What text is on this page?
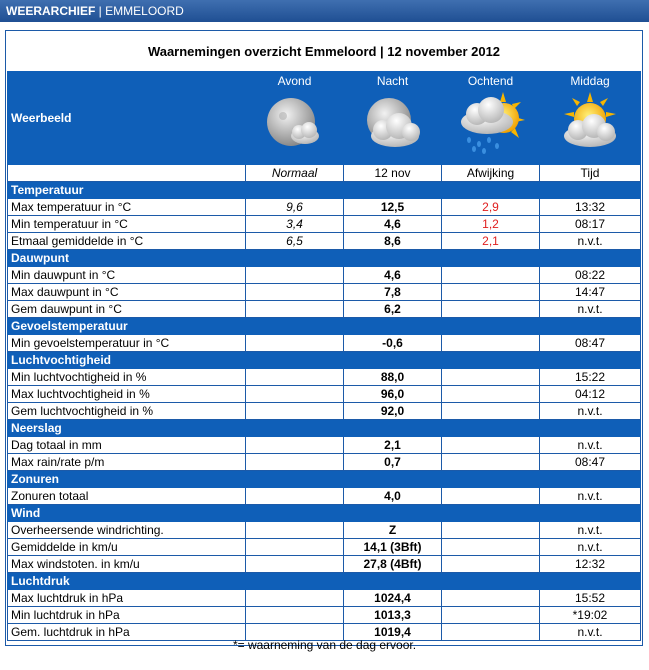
WEERARCHIEF | EMMELOORD
Waarnemingen overzicht Emmeloord | 12 november 2012				
Weerbeeld	Avond	Nacht	Ochtend	Middag

	Normaal	12 nov	Afwijking	Tijd
Temperatuur				
Max temperatuur in °C	9,6	12,5	2,9	13:32
Min temperatuur in °C	3,4	4,6	1,2	08:17
Etmaal gemiddelde in °C	6,5	8,6	2,1	n.v.t.
Dauwpunt				
Min dauwpunt in °C		4,6		08:22
Max dauwpunt in °C		7,8		14:47
Gem dauwpunt in °C		6,2		n.v.t.
Gevoelstemperatuur				
Min gevoelstemperatuur in °C		-0,6		08:47
Luchtvochtigheid				
Min luchtvochtigheid in %		88,0		15:22
Max luchtvochtigheid in %		96,0		04:12
Gem luchtvochtigheid in %		92,0		n.v.t.
Neerslag				
Dag totaal in mm		2,1		n.v.t.
Max rain/rate p/m		0,7		08:47
Zonuren				
Zonuren totaal		4,0		n.v.t.
Wind				
Overheersende windrichting.		Z		n.v.t.
Gemiddelde in km/u		14,1 (3Bft)		n.v.t.
Max windstoten. in km/u		27,8 (4Bft)		12:32
Luchtdruk				
Max luchtdruk in hPa		1024,4		15:52
Min luchtdruk in hPa		1013,3		*19:02
Gem. luchtdruk in hPa		1019,4		n.v.t.
*= waarneming van de dag ervoor.
